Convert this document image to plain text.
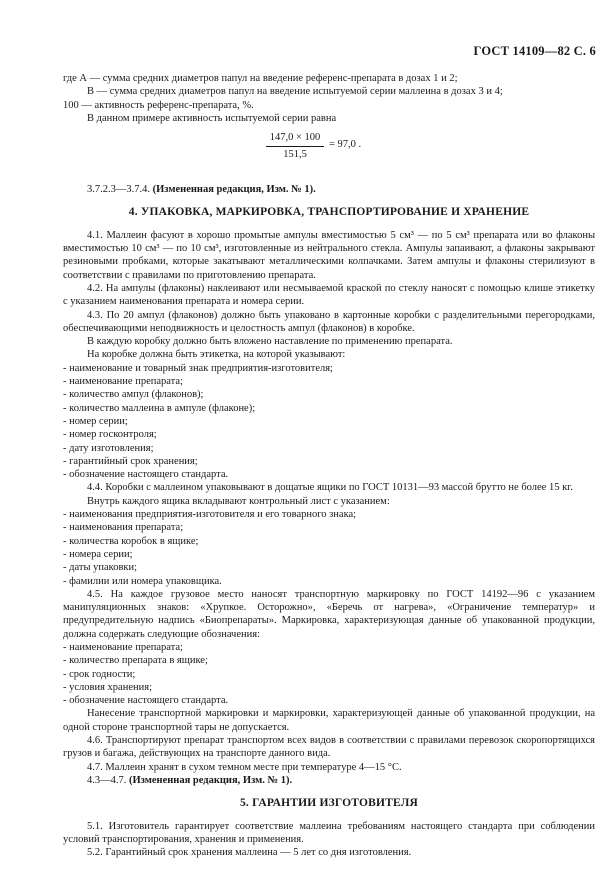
ГОСТ 14109—82 С. 6

где А — сумма средних диаметров папул на введение референс-препарата в дозах 1 и 2;

В — сумма средних диаметров папул на введение испытуемой серии маллеина в дозах 3 и 4;

100 — активность референс-препарата, %.

В данном примере активность испытуемой серии равна

$\frac{147,0 \times 100}{151,5} = 97,0$ .

3.7.2.3—3.7.4. (Измененная редакция, Изм. № 1).

4. УПАКОВКА, МАРКИРОВКА, ТРАНСПОРТИРОВАНИЕ И ХРАНЕНИЕ

4.1. Маллеин фасуют в хорошо промытые ампулы вместимостью 5 см³ — по 5 см³ препарата или во флаконы вместимостью 10 см³ — по 10 см³, изготовленные из нейтрального стекла. Ампулы запаивают, а флаконы закрывают резиновыми пробками, которые закатывают металлическими колпачками. Затем ампулы и флаконы стерилизуют в соответствии с правилами по приготовлению препарата.

4.2. На ампулы (флаконы) наклеивают или несмываемой краской по стеклу наносят с помощью клише этикетку с указанием наименования препарата и номера серии.

4.3. По 20 ампул (флаконов) должно быть упаковано в картонные коробки с разделительными перегородками, обеспечивающими неподвижность и целостность ампул (флаконов) в коробке.

В каждую коробку должно быть вложено наставление по применению препарата.

На коробке должна быть этикетка, на которой указывают:

- наименование и товарный знак предприятия-изготовителя;
- наименование препарата;
- количество ампул (флаконов);
- количество маллеина в ампуле (флаконе);
- номер серии;
- номер госконтроля;
- дату изготовления;
- гарантийный срок хранения;
- обозначение настоящего стандарта.

4.4. Коробки с маллеином упаковывают в дощатые ящики по ГОСТ 10131—93 массой брутто не более 15 кг.

Внутрь каждого ящика вкладывают контрольный лист с указанием:

- наименования предприятия-изготовителя и его товарного знака;
- наименования препарата;
- количества коробок в ящике;
- номера серии;
- даты упаковки;
- фамилии или номера упаковщика.

4.5. На каждое грузовое место наносят транспортную маркировку по ГОСТ 14192—96 с указанием манипуляционных знаков: «Хрупкое. Осторожно», «Беречь от нагрева», «Ограничение температур» и предупредительную надпись «Биопрепараты». Маркировка, характеризующая данные об упакованной продукции, должна содержать следующие обозначения:

- наименование препарата;
- количество препарата в ящике;
- срок годности;
- условия хранения;
- обозначение настоящего стандарта.

Нанесение транспортной маркировки и маркировки, характеризующей данные об упакованной продукции, на одной стороне транспортной тары не допускается.

4.6. Транспортируют препарат транспортом всех видов в соответствии с правилами перевозок скоропортящихся грузов и багажа, действующих на транспорте данного вида.

4.7. Маллеин хранят в сухом темном месте при температуре 4—15 °С.

4.3—4.7. (Измененная редакция, Изм. № 1).

5. ГАРАНТИИ ИЗГОТОВИТЕЛЯ

5.1. Изготовитель гарантирует соответствие маллеина требованиям настоящего стандарта при соблюдении условий транспортирования, хранения и применения.

5.2. Гарантийный срок хранения маллеина — 5 лет со дня изготовления.
